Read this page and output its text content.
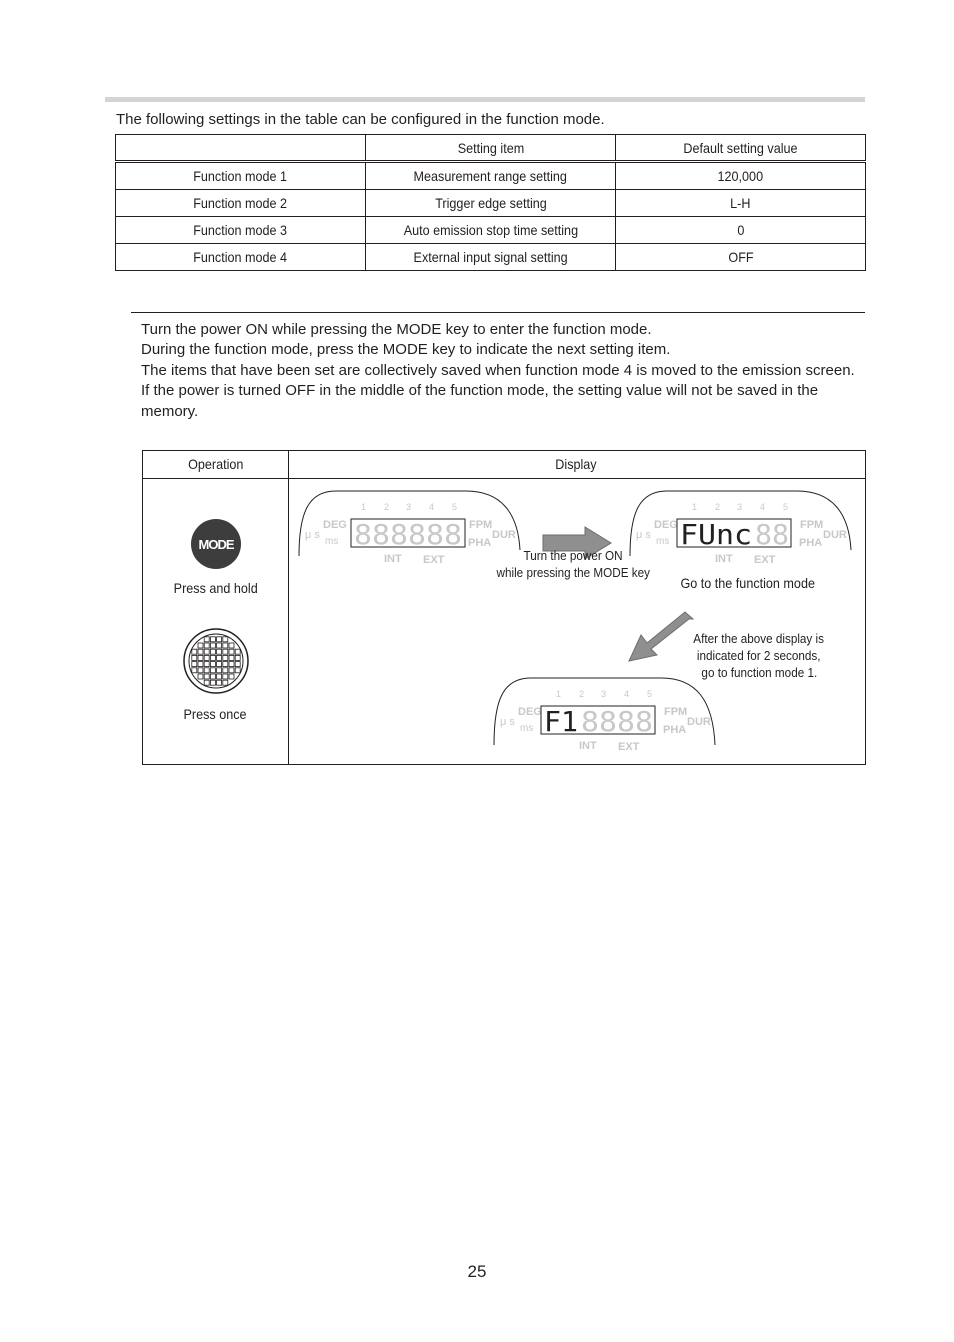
The following settings in the table can be configured in the function mode.
	Setting item	Default setting value
Function mode 1	Measurement range setting	120,000
Function mode 2	Trigger edge setting	L-H
Function mode 3	Auto emission stop time setting	0
Function mode 4	External input signal setting	OFF

Turn the power ON while pressing the MODE key to enter the function mode.

During the function mode, press the MODE key to indicate the next setting item.

The items that have been set are collectively saved when function mode 4 is moved to the emission screen.

If the power is turned OFF in the middle of the function mode, the setting value will not be saved in the memory.

Operation	Display
MODE
Press and hold
Press once
1 2 3 4 5
DEG
μ s
ms
FPM
PHA
DUR
INT EXT
888888
Turn the power ON
while pressing the MODE key
1 2 3 4 5
DEG
μ s
ms
FPM
PHA
DUR
INT EXT
88
FUnc
Go to the function mode
After the above display is
indicated for 2 seconds,
go to function mode 1.
1 2 3 4 5
DEG
μ s
ms
FPM
PHA
DUR
INT EXT
8888
F1
25
